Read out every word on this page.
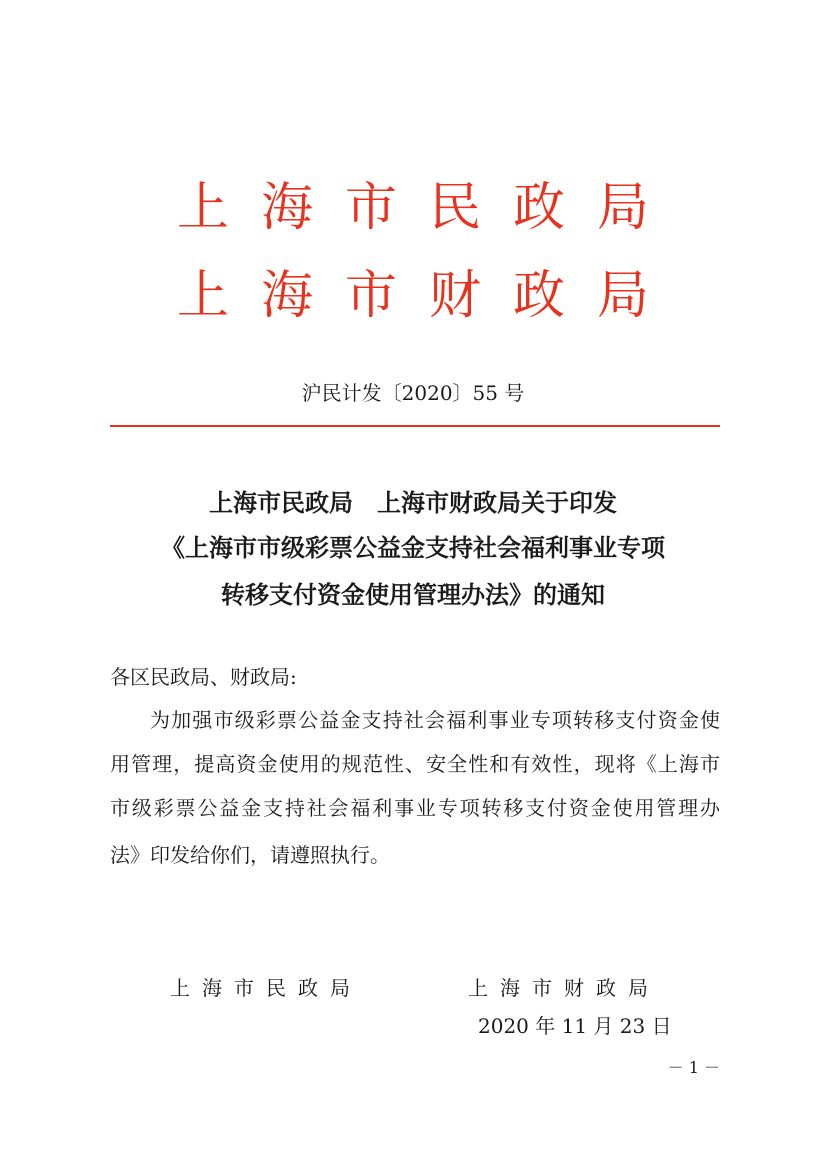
上海市民政局
上海市财政局
沪民计发〔2020〕55 号
上海市民政局　上海市财政局关于印发
《上海市市级彩票公益金支持社会福利事业专项
转移支付资金使用管理办法》的通知
各区民政局、财政局:
为加强市级彩票公益金支持社会福利事业专项转移支付资金使
用管理，提高资金使用的规范性、安全性和有效性，现将《上海市
市级彩票公益金支持社会福利事业专项转移支付资金使用管理办
法》印发给你们，请遵照执行。
上海市民政局	上海市财政局
2020 年 11 月 23 日
－ 1 －
